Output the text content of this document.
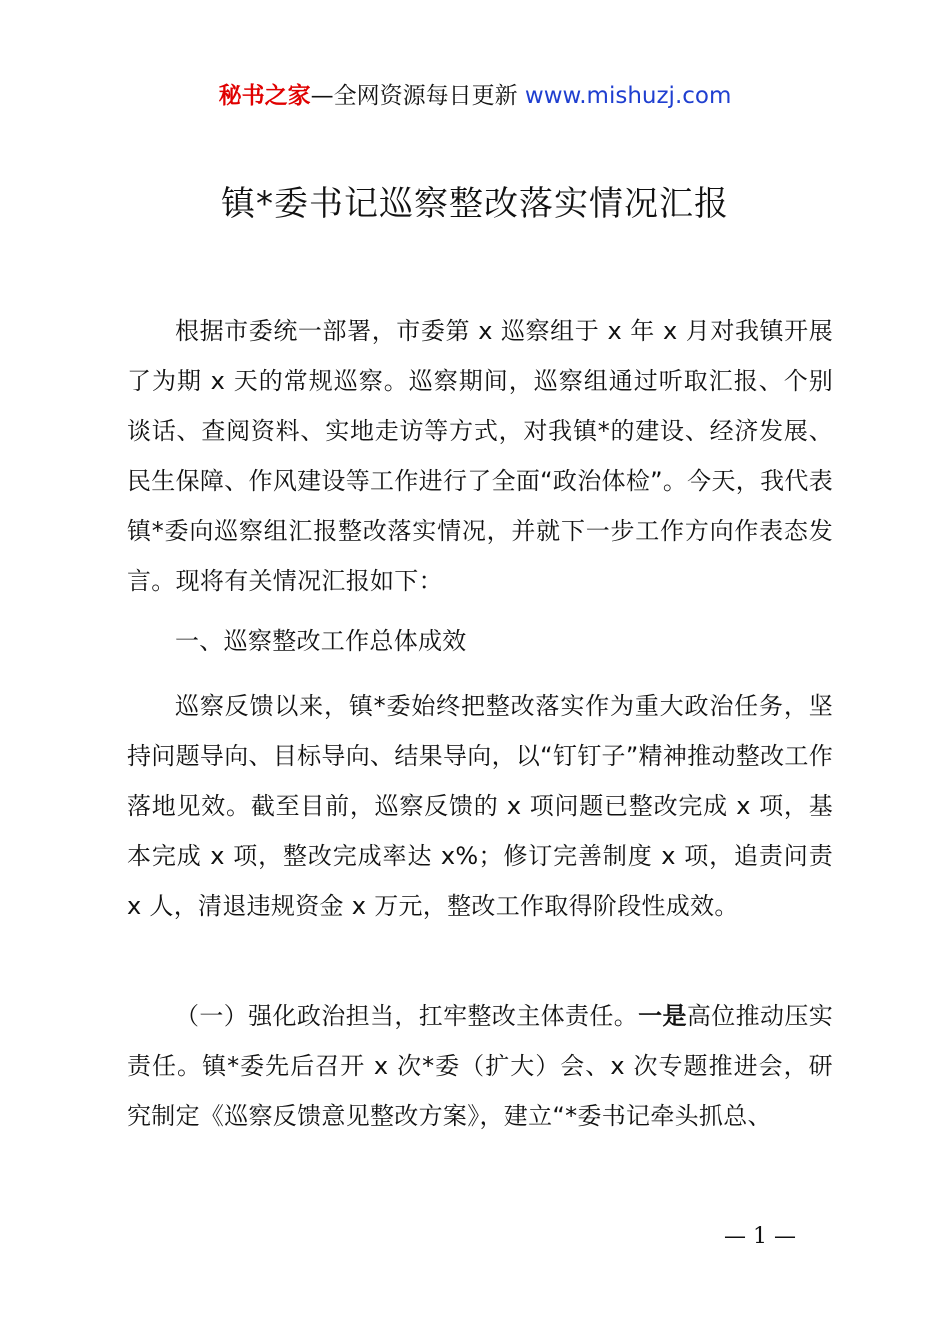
秘书之家—全网资源每日更新 www.mishuzj.com
镇*委书记巡察整改落实情况汇报

根据市委统一部署，市委第 x 巡察组于 x 年 x 月对我镇开展了为期 x 天的常规巡察。巡察期间，巡察组通过听取汇报、个别谈话、查阅资料、实地走访等方式，对我镇*的建设、经济发展、民生保障、作风建设等工作进行了全面“政治体检”。今天，我代表镇*委向巡察组汇报整改落实情况，并就下一步工作方向作表态发言。现将有关情况汇报如下：

一、巡察整改工作总体成效

巡察反馈以来，镇*委始终把整改落实作为重大政治任务，坚持问题导向、目标导向、结果导向，以“钉钉子”精神推动整改工作落地见效。截至目前，巡察反馈的 x 项问题已整改完成 x 项，基本完成 x 项，整改完成率达 x%；修订完善制度 x 项，追责问责 x 人，清退违规资金 x 万元，整改工作取得阶段性成效。

（一）强化政治担当，扛牢整改主体责任。一是高位推动压实责任。镇*委先后召开 x 次*委（扩大）会、x 次专题推进会，研究制定《巡察反馈意见整改方案》，建立“*委书记牵头抓总、

— 1 —
